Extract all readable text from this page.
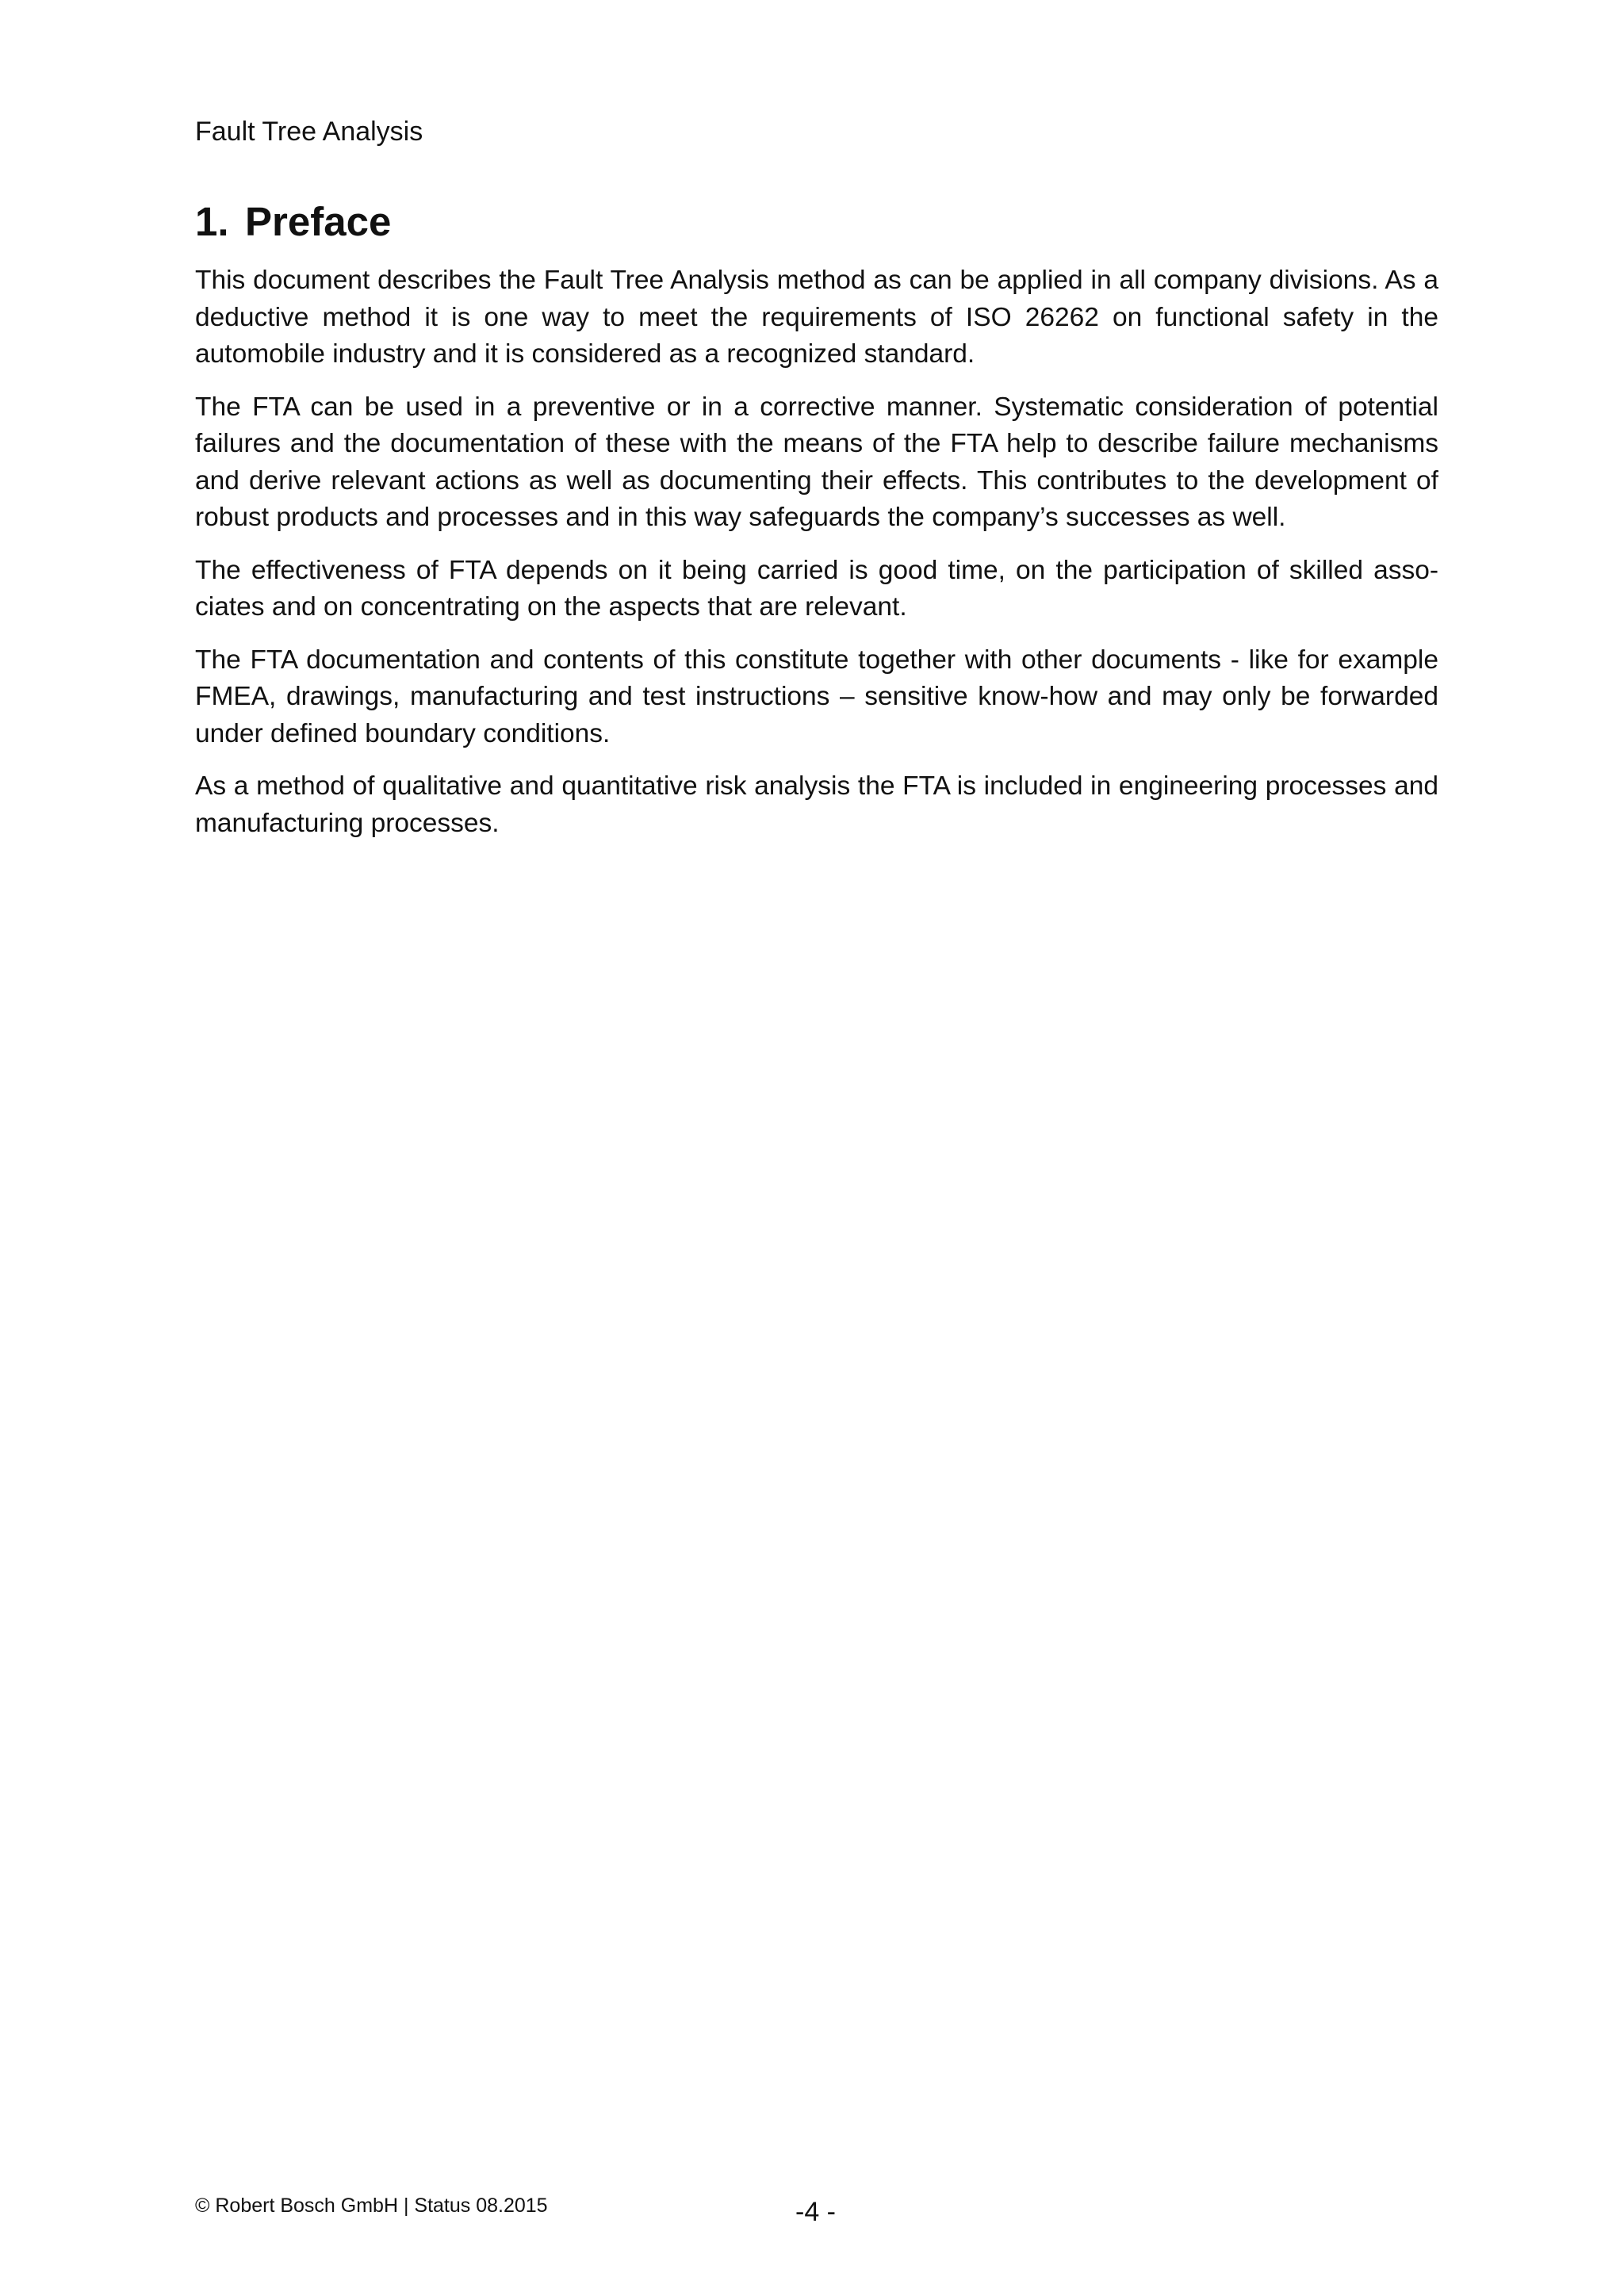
Fault Tree Analysis
1. Preface

This document describes the Fault Tree Analysis method as can be applied in all company divisions. As a deductive method it is one way to meet the requirements of ISO 26262 on functional safety in the automobile industry and it is considered as a recognized standard.

The FTA can be used in a preventive or in a corrective manner. Systematic consideration of potential failures and the documentation of these with the means of the FTA help to describe failure mechanisms and derive relevant actions as well as documenting their effects. This contributes to the development of robust products and processes and in this way safeguards the company’s successes as well.

The effectiveness of FTA depends on it being carried is good time, on the participation of skilled associates and on concentrating on the aspects that are relevant.

The FTA documentation and contents of this constitute together with other documents - like for example FMEA, drawings, manufacturing and test instructions – sensitive know-how and may only be forwarded under defined boundary conditions.

As a method of qualitative and quantitative risk analysis the FTA is included in engineering processes and manufacturing processes.

© Robert Bosch GmbH | Status 08.2015	-4 -
